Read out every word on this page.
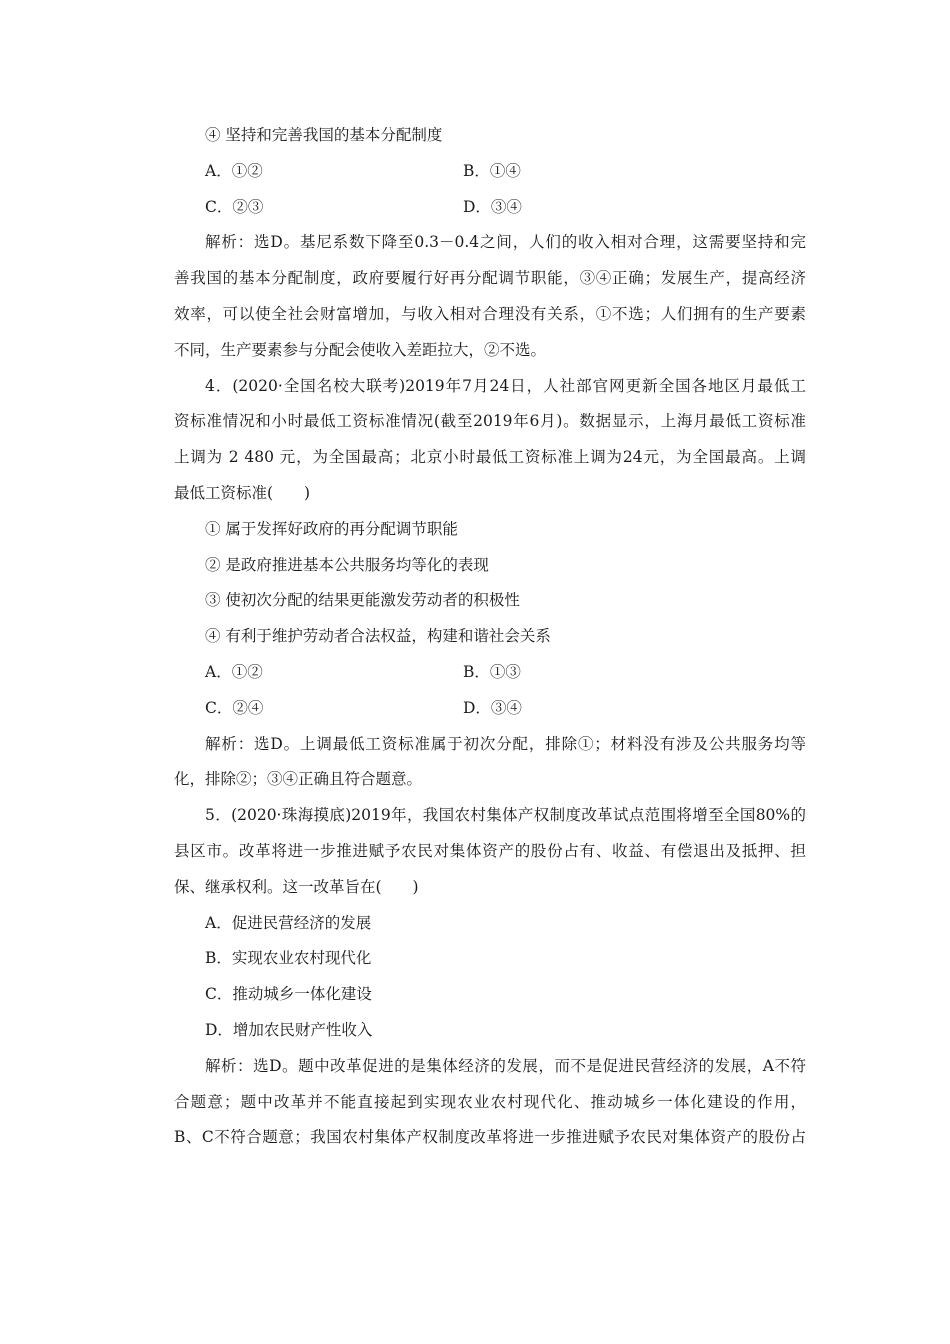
④ 坚持和完善我国的基本分配制度
A．①②	B．①④
C．②③	D．③④
解析：选D。基尼系数下降至0.3－0.4之间，人们的收入相对合理，这需要坚持和完
善我国的基本分配制度，政府要履行好再分配调节职能，③④正确；发展生产，提高经济
效率，可以使全社会财富增加，与收入相对合理没有关系，①不选；人们拥有的生产要素
不同，生产要素参与分配会使收入差距拉大，②不选。
4．(2020·全国名校大联考)2019年7月24日，人社部官网更新全国各地区月最低工
资标准情况和小时最低工资标准情况(截至2019年6月)。数据显示，上海月最低工资标准
上调为 2 480 元，为全国最高；北京小时最低工资标准上调为24元，为全国最高。上调
最低工资标准(　　)
① 属于发挥好政府的再分配调节职能
② 是政府推进基本公共服务均等化的表现
③ 使初次分配的结果更能激发劳动者的积极性
④ 有利于维护劳动者合法权益，构建和谐社会关系
A．①②	B．①③
C．②④	D．③④
解析：选D。上调最低工资标准属于初次分配，排除①；材料没有涉及公共服务均等
化，排除②；③④正确且符合题意。
5．(2020·珠海摸底)2019年，我国农村集体产权制度改革试点范围将增至全国80%的
县区市。改革将进一步推进赋予农民对集体资产的股份占有、收益、有偿退出及抵押、担
保、继承权利。这一改革旨在(　　)
A．促进民营经济的发展
B．实现农业农村现代化
C．推动城乡一体化建设
D．增加农民财产性收入
解析：选D。题中改革促进的是集体经济的发展，而不是促进民营经济的发展，A不符
合题意；题中改革并不能直接起到实现农业农村现代化、推动城乡一体化建设的作用，
B、C不符合题意；我国农村集体产权制度改革将进一步推进赋予农民对集体资产的股份占
